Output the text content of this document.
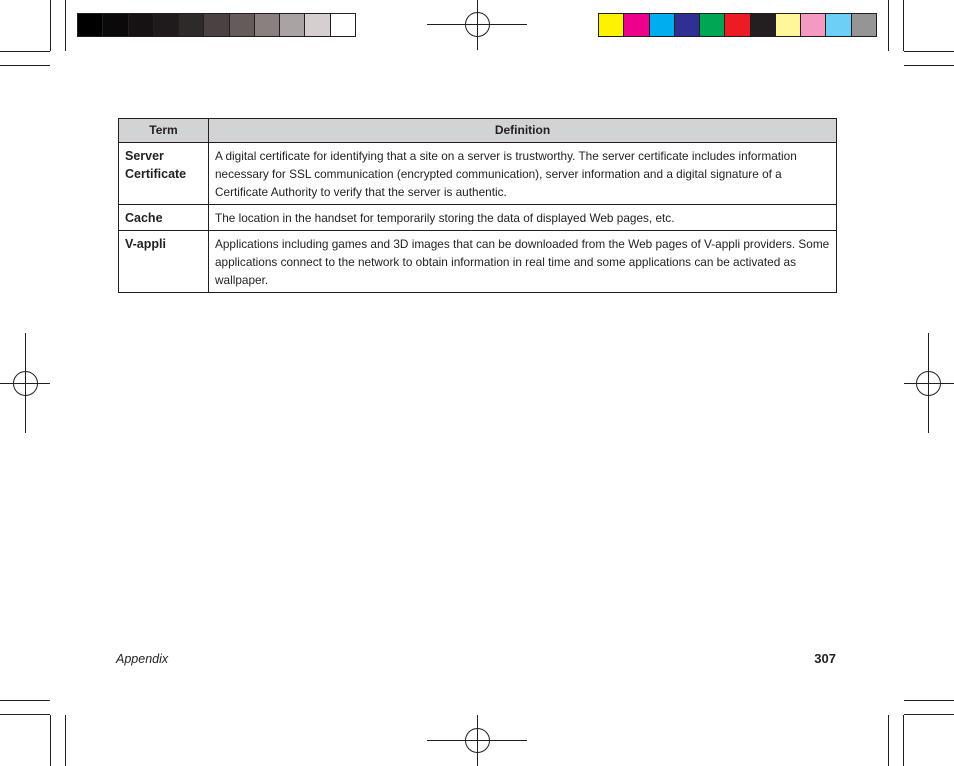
Term	Definition
Server Certificate	A digital certificate for identifying that a site on a server is trustworthy. The server certificate includes information necessary for SSL communication (encrypted communication), server information and a digital signature of a Certificate Authority to verify that the server is authentic.
Cache	The location in the handset for temporarily storing the data of displayed Web pages, etc.
V-appli	Applications including games and 3D images that can be downloaded from the Web pages of V-appli providers. Some applications connect to the network to obtain information in real time and some applications can be activated as wallpaper.
Appendix	307
